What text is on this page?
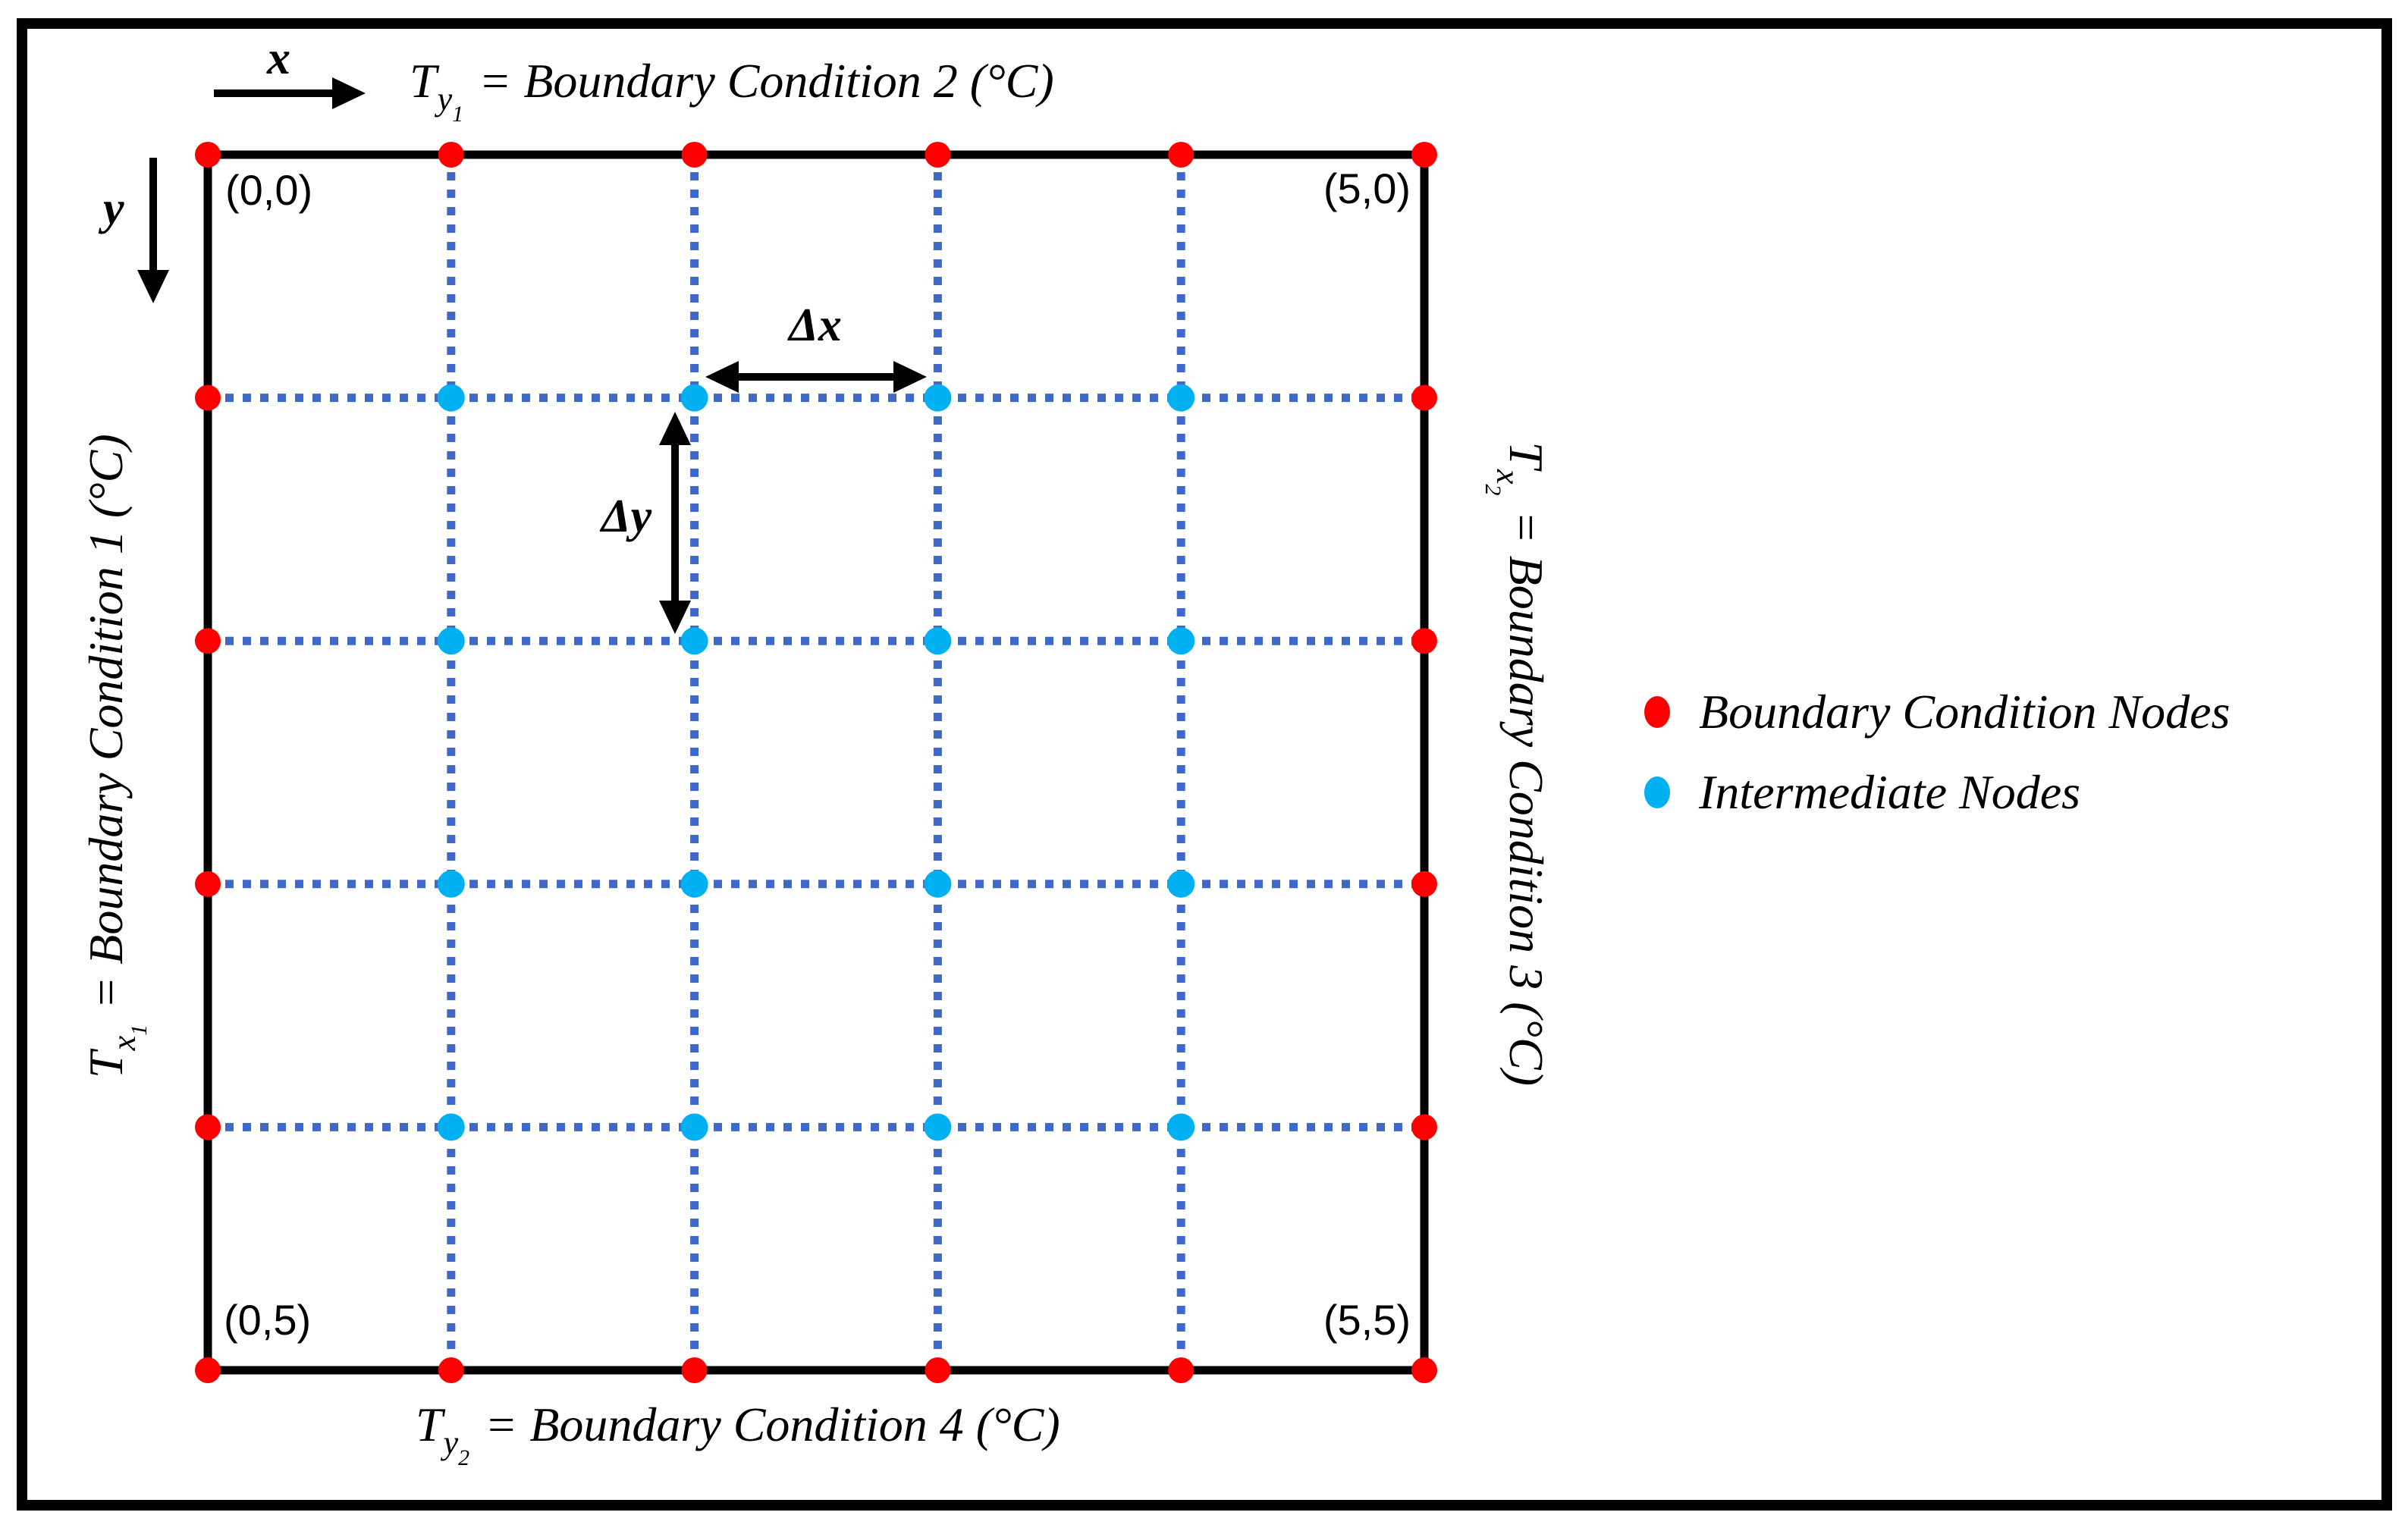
x
y
Δx
Δy
(0,0)	(5,0)
(0,5)	(5,5)
Ty1= Boundary Condition 2 (°C)
Ty2= Boundary Condition 4 (°C)
Tx1= Boundary Condition 1 (°C)	Tx2= Boundary Condition 3 (°C)	Boundary Condition Nodes
Intermediate Nodes
